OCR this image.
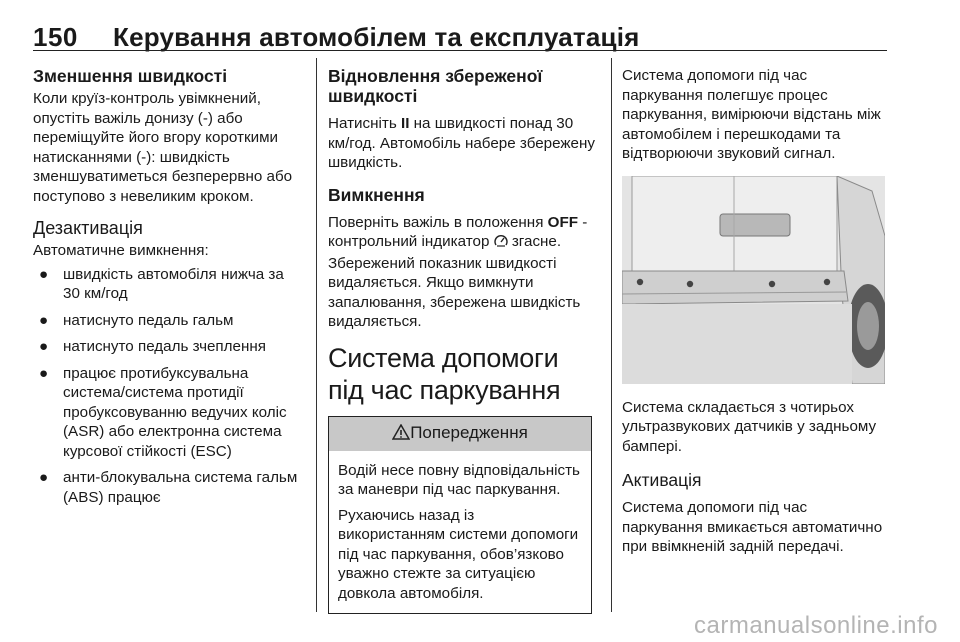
150 Керування автомобілем та експлуатація
Зменшення швидкості

Коли круїз-контроль увімкнений, опустіть важіль донизу (-) або переміщуйте його вгору короткими натисканнями (-): швидкість зменшуватиметься безперервно або поступово з невеликим кроком.

Дезактивація

Автоматичне вимкнення:

● швидкість автомобіля нижча за 30 км/год
● натиснуто педаль гальм
● натиснуто педаль зчеплення
● працює протибуксувальна система/система протидії пробуксовуванню ведучих коліс (ASR) або електронна система курсової стійкості (ESC)
● анти-блокувальна система гальм (ABS) працює
Відновлення збереженої швидкості

Натисніть II на швидкості понад 30 км/год. Автомобіль набере збережену швидкість.

Вимкнення

Поверніть важіль в положення OFF - контрольний індикатор  згасне. Збережений показник швидкості видаляється. Якщо вимкнути запалювання, збережена швидкість видаляється.

Система допомоги під час паркування
Попередження

Водій несе повну відповідальність за маневри під час паркування.

Рухаючись назад із використанням системи допомоги під час паркування, обов’язково уважно стежте за ситуацією довкола автомобіля.

Система допомоги під час паркування полегшує процес паркування, вимірюючи відстань між автомобілем і перешкодами та відтворюючи звуковий сигнал.

Система складається з чотирьох ультразвукових датчиків у задньому бампері.

Активація

Система допомоги під час паркування вмикається автоматично при ввімкненій задній передачі.

carmanualsonline.info
